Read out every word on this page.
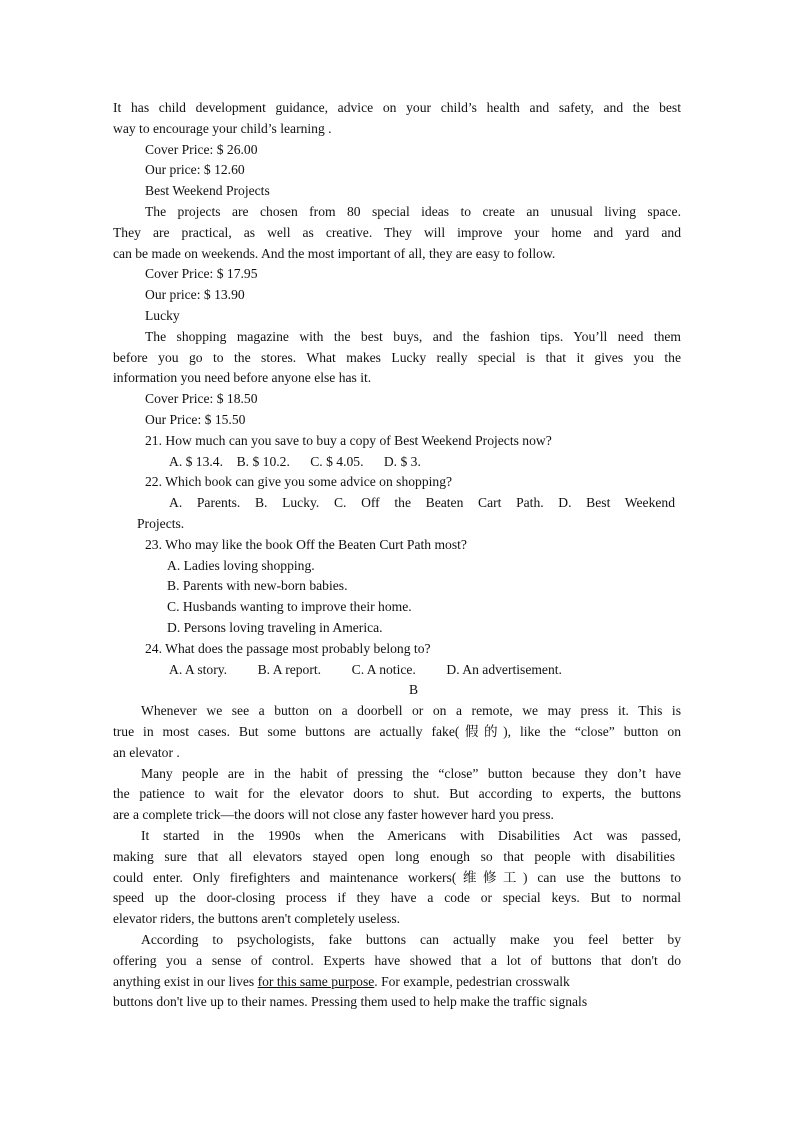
It has child development guidance, advice on your child’s health and safety, and the best
way to encourage your child’s learning .
Cover Price: $ 26.00
Our price: $ 12.60
Best Weekend Projects
The projects are chosen from 80 special ideas to create an unusual living space.
They are practical, as well as creative. They will improve your home and yard and
can be made on weekends. And the most important of all, they are easy to follow.
Cover Price: $ 17.95
Our price: $ 13.90
Lucky
The shopping magazine with the best buys, and the fashion tips. You’ll need them
before you go to the stores. What makes Lucky really special is that it gives you the
information you need before anyone else has it.
Cover Price: $ 18.50
Our Price: $ 15.50
21. How much can you save to buy a copy of Best Weekend Projects now?
A. $ 13.4.    B. $ 10.2.      C. $ 4.05.      D. $ 3.
22. Which book can give you some advice on shopping?
A. Parents. B. Lucky. C. Off the Beaten Cart Path. D. Best Weekend
Projects.
23. Who may like the book Off the Beaten Curt Path most?
A. Ladies loving shopping.
B. Parents with new-born babies.
C. Husbands wanting to improve their home.
D. Persons loving traveling in America.
24. What does the passage most probably belong to?
A. A story.         B. A report.         C. A notice.         D. An advertisement.
B
Whenever we see a button on a doorbell or on a remote, we may press it. This is
true in most cases. But some buttons are actually fake(假的), like the “close” button on
an elevator .
Many people are in the habit of pressing the “close” button because they don’t have
the patience to wait for the elevator doors to shut. But according to experts, the buttons
are a complete trick—the doors will not close any faster however hard you press.
It started in the 1990s when the Americans with Disabilities Act was passed,
making sure that all elevators stayed open long enough so that people with disabilities
could enter. Only firefighters and maintenance workers(维修工) can use the buttons to
speed up the door-closing process if they have a code or special keys. But to normal
elevator riders, the buttons aren't completely useless.
According to psychologists, fake buttons can actually make you feel better by
offering you a sense of control. Experts have showed that a lot of buttons that don't do
anything exist in our lives for this same purpose. For example, pedestrian crosswalk
buttons don't live up to their names. Pressing them used to help make the traffic signals
